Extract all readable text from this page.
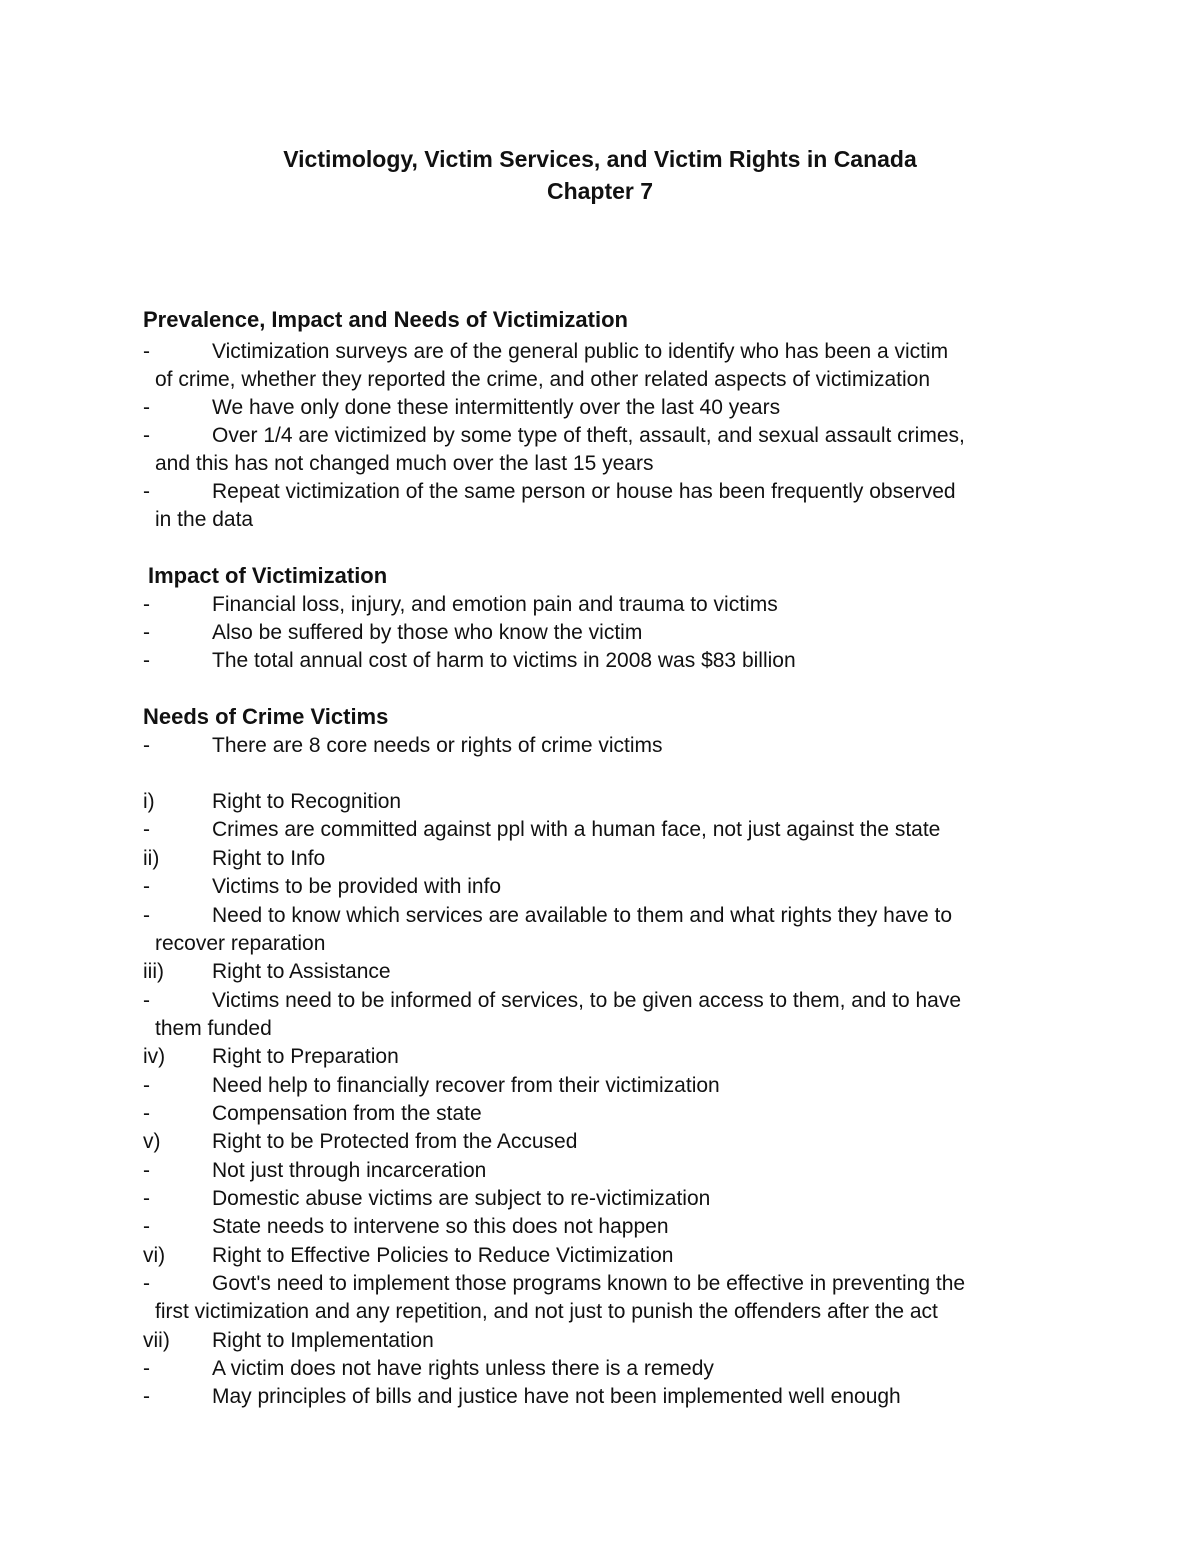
Victimology, Victim Services, and Victim Rights in Canada
Chapter 7
Prevalence, Impact and Needs of Victimization
-	Victimization surveys are of the general public to identify who has been a victim
of crime, whether they reported the crime, and other related aspects of victimization
-	We have only done these intermittently over the last 40 years
-	Over 1/4 are victimized by some type of theft, assault, and sexual assault crimes,
and this has not changed much over the last 15 years
-	Repeat victimization of the same person or house has been frequently observed
in the data
Impact of Victimization
-	Financial loss, injury, and emotion pain and trauma to victims
-	Also be suffered by those who know the victim
-	The total annual cost of harm to victims in 2008 was $83 billion
Needs of Crime Victims
-	There are 8 core needs or rights of crime victims
i)	Right to Recognition
-	Crimes are committed against ppl with a human face, not just against the state
ii)	Right to Info
-	Victims to be provided with info
-	Need to know which services are available to them and what rights they have to
recover reparation
iii) Right to Assistance
-	Victims need to be informed of services, to be given access to them, and to have
them funded
iv) Right to Preparation
-	Need help to financially recover from their victimization
-	Compensation from the state
v) Right to be Protected from the Accused
-	Not just through incarceration
-	Domestic abuse victims are subject to re-victimization
-	State needs to intervene so this does not happen
vi) Right to Effective Policies to Reduce Victimization
-	Govt's need to implement those programs known to be effective in preventing the
first victimization and any repetition, and not just to punish the offenders after the act
vii) Right to Implementation
-	A victim does not have rights unless there is a remedy
-	May principles of bills and justice have not been implemented well enough
